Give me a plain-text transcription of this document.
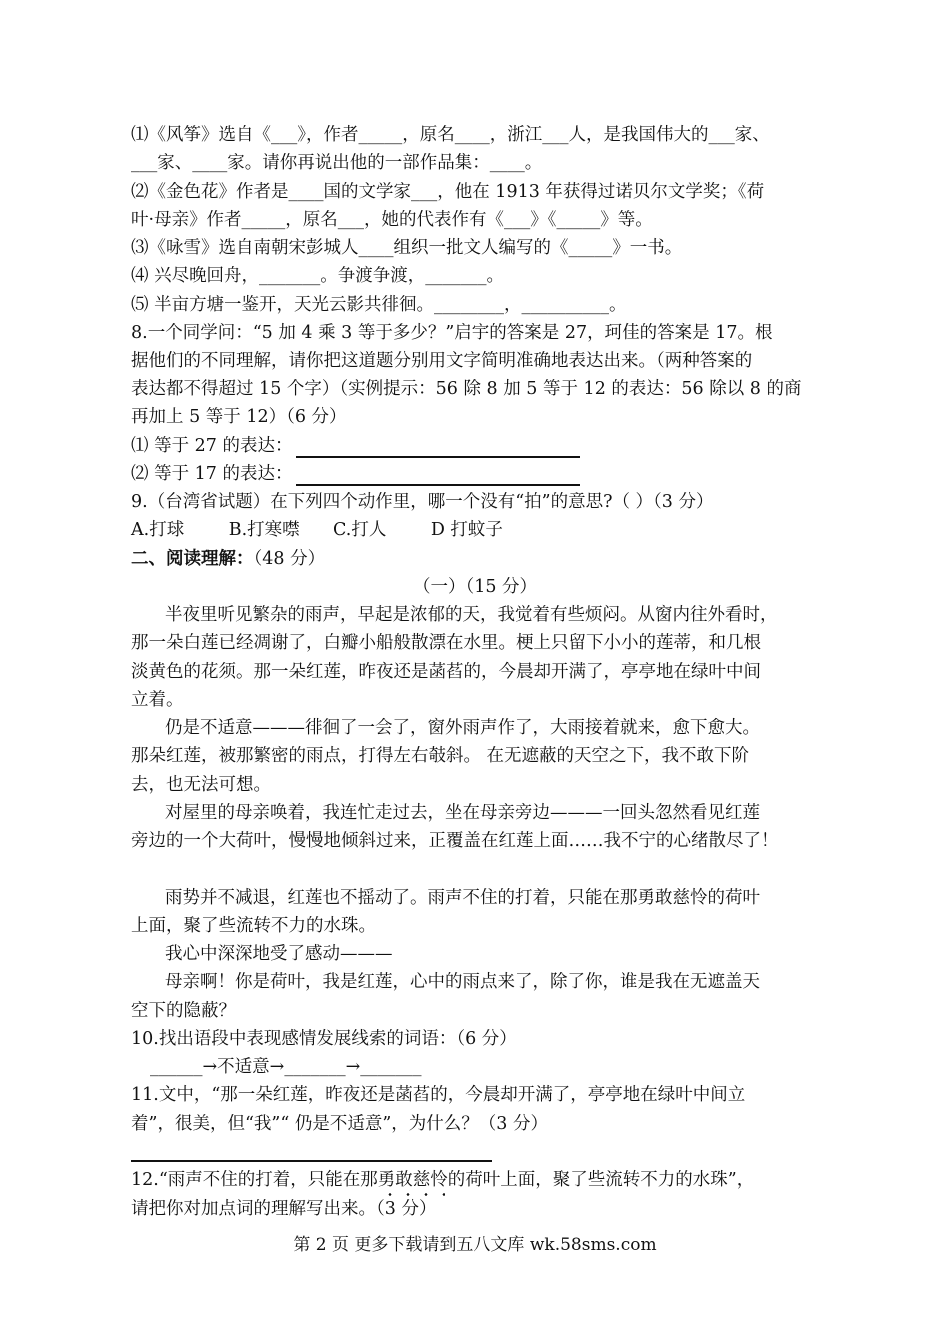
⑴《风筝》选自《___》，作者_____，原名____，浙江___人，是我国伟大的___家、
___家、____家。请你再说出他的一部作品集：____。
⑵《金色花》作者是____国的文学家___，他在 1913 年获得过诺贝尔文学奖；《荷
叶·母亲》作者_____，原名___，她的代表作有《___》《_____》等。
⑶《咏雪》选自南朝宋彭城人____组织一批文人编写的《_____》一书。
⑷ 兴尽晚回舟，_______。争渡争渡，_______。
⑸ 半亩方塘一鉴开，天光云影共徘徊。________，__________。
8.一个同学问：“5 加 4 乘 3 等于多少？”启宇的答案是 27，珂佳的答案是 17。根
据他们的不同理解，请你把这道题分别用文字简明准确地表达出来。（两种答案的
表达都不得超过 15 个字）（实例提示：56 除 8 加 5 等于 12 的表达：56 除以 8 的商
再加上 5 等于 12）（6 分）
⑴ 等于 27 的表达：
⑵ 等于 17 的表达：
9.（台湾省试题）在下列四个动作里，哪一个没有“拍”的意思?（ ）（3 分）
A.打球        B.打寒噤      C.打人        D 打蚊子
二、阅读理解：（48 分）
（一）（15 分）
半夜里听见繁杂的雨声，早起是浓郁的天，我觉着有些烦闷。从窗内往外看时，
那一朵白莲已经凋谢了，白瓣小船般散漂在水里。梗上只留下小小的莲蒂，和几根
淡黄色的花须。那一朵红莲，昨夜还是菡萏的，今晨却开满了，亭亭地在绿叶中间
立着。
仍是不适意———徘徊了一会了，窗外雨声作了，大雨接着就来，愈下愈大。
那朵红莲，被那繁密的雨点，打得左右攲斜。 在无遮蔽的天空之下，我不敢下阶
去，也无法可想。
对屋里的母亲唤着，我连忙走过去，坐在母亲旁边———一回头忽然看见红莲
旁边的一个大荷叶，慢慢地倾斜过来，正覆盖在红莲上面……我不宁的心绪散尽了！
雨势并不减退，红莲也不摇动了。雨声不住的打着，只能在那勇敢慈怜的荷叶
上面，聚了些流转不力的水珠。
我心中深深地受了感动———
母亲啊！你是荷叶，我是红莲，心中的雨点来了，除了你，谁是我在无遮盖天
空下的隐蔽？
10.找出语段中表现感情发展线索的词语：（6 分）
______→不适意→_______→_______
11.文中，“那一朵红莲，昨夜还是菡萏的，今晨却开满了，亭亭地在绿叶中间立
着”，很美，但“我”“ 仍是不适意”，为什么？（3 分）
12.“雨声不住的打着，只能在那勇敢慈怜的荷叶上面，聚了些流转不力的水珠”，
请把你对加点词的理解写出来。（3 分）
第 2 页 更多下载请到五八文库 wk.58sms.com
